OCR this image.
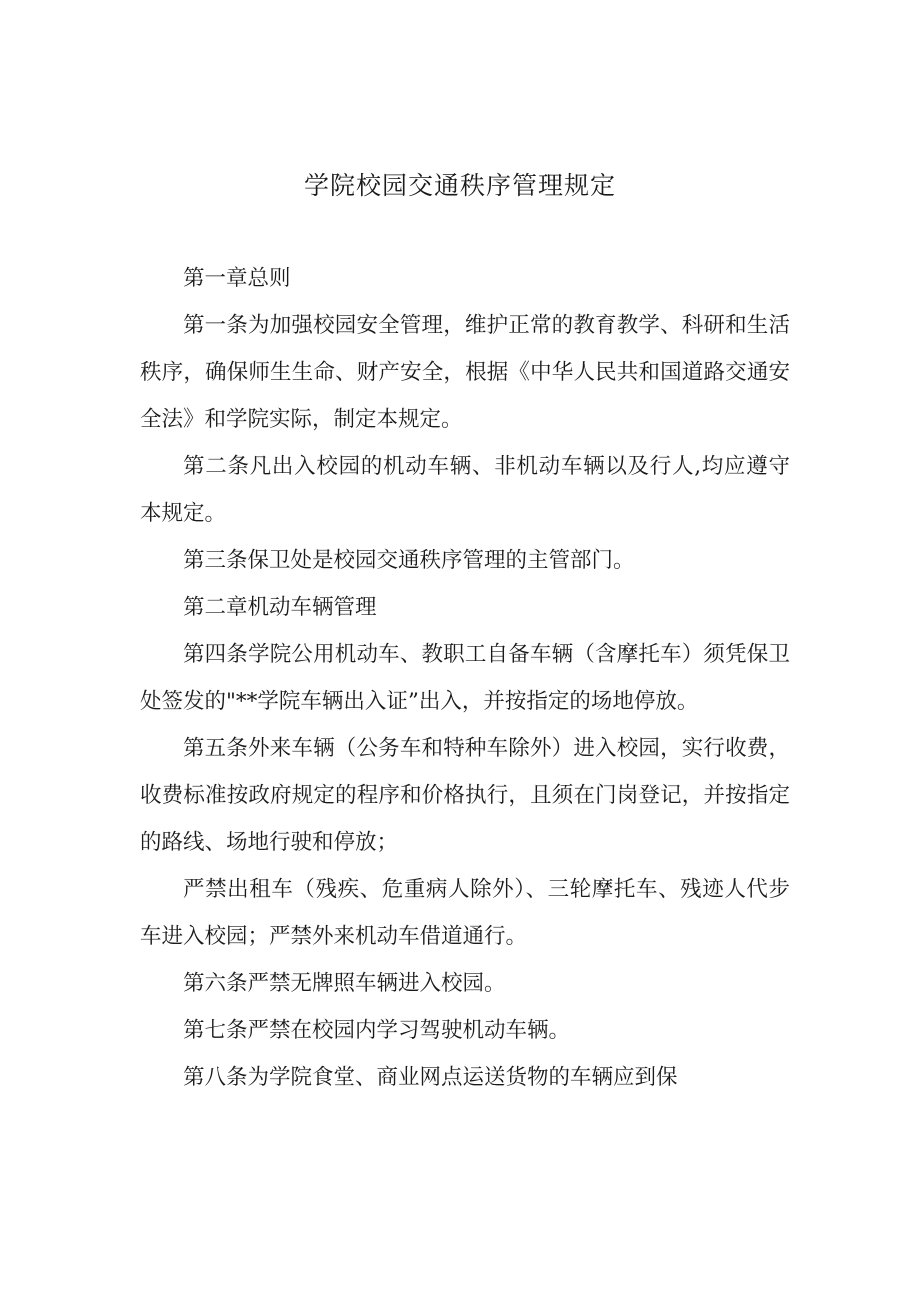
学院校园交通秩序管理规定

第一章总则

第一条为加强校园安全管理，维护正常的教育教学、科研和生活秩序，确保师生生命、财产安全，根据《中华人民共和国道路交通安全法》和学院实际，制定本规定。

第二条凡出入校园的机动车辆、非机动车辆以及行人,均应遵守本规定。

第三条保卫处是校园交通秩序管理的主管部门。

第二章机动车辆管理

第四条学院公用机动车、教职工自备车辆（含摩托车）须凭保卫处签发的"**学院车辆出入证”出入，并按指定的场地停放。

第五条外来车辆（公务车和特种车除外）进入校园，实行收费，收费标准按政府规定的程序和价格执行，且须在门岗登记，并按指定的路线、场地行驶和停放；

严禁出租车（残疾、危重病人除外）、三轮摩托车、残迹人代步车进入校园；严禁外来机动车借道通行。

第六条严禁无牌照车辆进入校园。

第七条严禁在校园内学习驾驶机动车辆。

第八条为学院食堂、商业网点运送货物的车辆应到保
